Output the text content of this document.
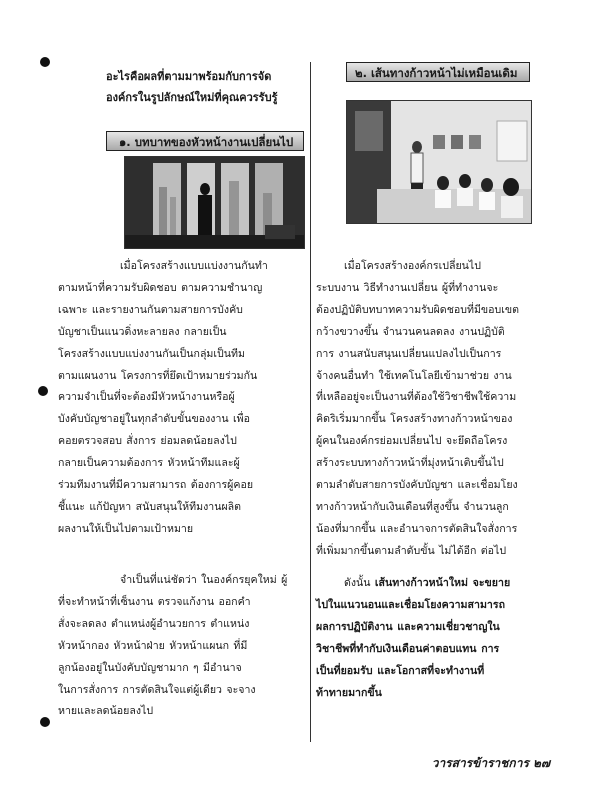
อะไรคือผลที่ตามมาพร้อมกับการจัด
องค์กรในรูปลักษณ์ใหม่ที่คุณควรรับรู้
๑. บทบาทของหัวหน้างานเปลี่ยนไป
๒. เส้นทางก้าวหน้าไม่เหมือนเดิม
เมื่อโครงสร้างแบบแบ่งงานกันทำ
ตามหน้าที่ความรับผิดชอบ ตามความชำนาญ
เฉพาะ และรายงานกันตามสายการบังคับ
บัญชาเป็นแนวดิ่งหะลายลง กลายเป็น
โครงสร้างแบบแบ่งงานกันเป็นกลุ่มเป็นทีม
ตามแผนงาน โครงการที่ยึดเป้าหมายร่วมกัน
ความจำเป็นที่จะต้องมีหัวหน้างานหรือผู้
บังคับบัญชาอยู่ในทุกลำดับขั้นของงาน เพื่อ
คอยตรวจสอบ สั่งการ ย่อมลดน้อยลงไป
กลายเป็นความต้องการ หัวหน้าทีมและผู้
ร่วมทีมงานที่มีความสามารถ ต้องการผู้คอย
ชี้แนะ แก้ปัญหา สนับสนุนให้ทีมงานผลิต
ผลงานให้เป็นไปตามเป้าหมาย
จำเป็นที่แน่ชัดว่า ในองค์กรยุคใหม่ ผู้
ที่จะทำหน้าที่เซ็นงาน ตรวจแก้งาน ออกคำ
สั่งจะลดลง ตำแหน่งผู้อำนวยการ ตำแหน่ง
หัวหน้ากอง หัวหน้าฝ่าย หัวหน้าแผนก ที่มี
ลูกน้องอยู่ในบังคับบัญชามาก ๆ มีอำนาจ
ในการสั่งการ การตัดสินใจแต่ผู้เดียว จะจาง
หายและลดน้อยลงไป
เมื่อโครงสร้างองค์กรเปลี่ยนไป
ระบบงาน วิธีทำงานเปลี่ยน ผู้ที่ทำงานจะ
ต้องปฏิบัติบทบาทความรับผิดชอบที่มีขอบเขต
กว้างขวางขึ้น จำนวนคนลดลง งานปฏิบัติ
การ งานสนับสนุนเปลี่ยนแปลงไปเป็นการ
จ้างคนอื่นทำ ใช้เทคโนโลยีเข้ามาช่วย งาน
ที่เหลืออยู่จะเป็นงานที่ต้องใช้วิชาชีพใช้ความ
คิดริเริ่มมากขึ้น โครงสร้างทางก้าวหน้าของ
ผู้คนในองค์กรย่อมเปลี่ยนไป จะยึดถือโครง
สร้างระบบทางก้าวหน้าที่มุ่งหน้าเติบขึ้นไป
ตามลำดับสายการบังคับบัญชา และเชื่อมโยง
ทางก้าวหน้ากับเงินเดือนที่สูงขึ้น จำนวนลูก
น้องที่มากขึ้น และอำนาจการตัดสินใจสั่งการ
ที่เพิ่มมากขึ้นตามลำดับขั้น ไม่ได้อีก ต่อไป
ดังนั้น เส้นทางก้าวหน้าใหม่ จะขยาย
ไปในแนวนอนและเชื่อมโยงความสามารถ
ผลการปฏิบัติงาน และความเชี่ยวชาญใน
วิชาชีพที่ทำกับเงินเดือนค่าตอบแทน การ
เป็นที่ยอมรับ และโอกาสที่จะทำงานที่
ท้าทายมากขึ้น
วารสารข้าราชการ ๒๗
